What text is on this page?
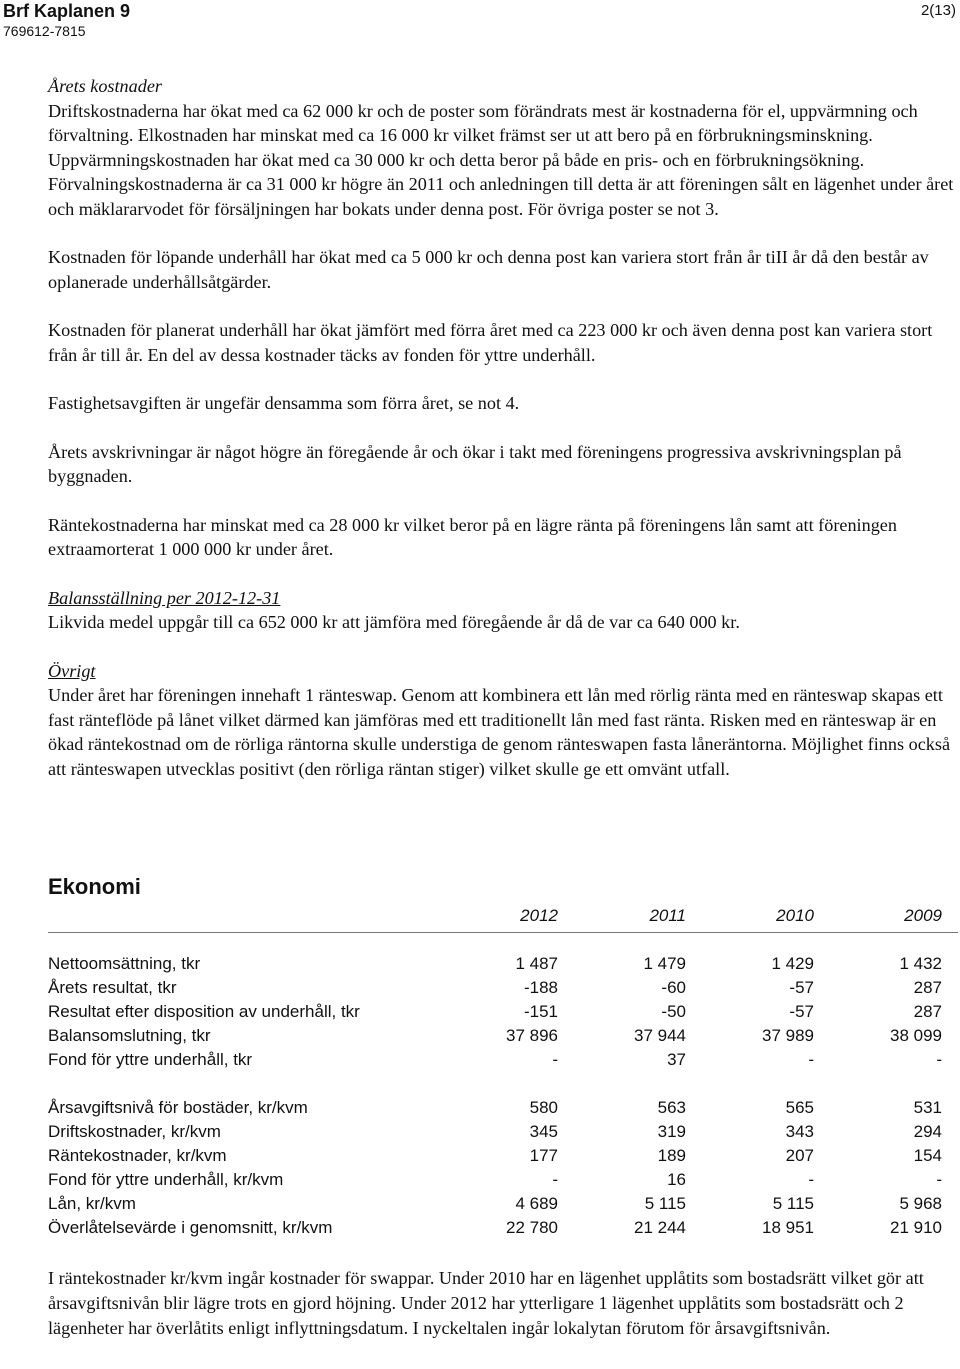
Brf Kaplanen 9
769612-7815
2(13)

Årets kostnader

Driftskostnaderna har ökat med ca 62 000 kr och de poster som förändrats mest är kostnaderna för el, uppvärmning och förvaltning. Elkostnaden har minskat med ca 16 000 kr vilket främst ser ut att bero på en förbrukningsminskning. Uppvärmningskostnaden har ökat med ca 30 000 kr och detta beror på både en pris- och en förbrukningsökning. Förvalningskostnaderna är ca 31 000 kr högre än 2011 och anledningen till detta är att föreningen sålt en lägenhet under året och mäklararvodet för försäljningen har bokats under denna post. För övriga poster se not 3.

Kostnaden för löpande underhåll har ökat med ca 5 000 kr och denna post kan variera stort från år tiII år då den består av oplanerade underhållsåtgärder.

Kostnaden för planerat underhåll har ökat jämfört med förra året med ca 223 000 kr och även denna post kan variera stort från år till år. En del av dessa kostnader täcks av fonden för yttre underhåll.

Fastighetsavgiften är ungefär densamma som förra året, se not 4.

Årets avskrivningar är något högre än föregående år och ökar i takt med föreningens progressiva avskrivningsplan på byggnaden.

Räntekostnaderna har minskat med ca 28 000 kr vilket beror på en lägre ränta på föreningens lån samt att föreningen extraamorterat 1 000 000 kr under året.

Balansställning per 2012-12-31

Likvida medel uppgår till ca 652 000 kr att jämföra med föregående år då de var ca 640 000 kr.

Övrigt

Under året har föreningen innehaft 1 ränteswap. Genom att kombinera ett lån med rörlig ränta med en ränteswap skapas ett fast ränteflöde på lånet vilket därmed kan jämföras med ett traditionellt lån med fast ränta. Risken med en ränteswap är en ökad räntekostnad om de rörliga räntorna skulle understiga de genom ränteswapen fasta låneräntorna. Möjlighet finns också att ränteswapen utvecklas positivt (den rörliga räntan stiger) vilket skulle ge ett omvänt utfall.

Ekonomi
2012	2011	2010	2009
Nettoomsättning, tkr	1 487	1 479	1 429	1 432
Årets resultat, tkr	-188	-60	-57	287
Resultat efter disposition av underhåll, tkr	-151	-50	-57	287
Balansomslutning, tkr	37 896	37 944	37 989	38 099
Fond för yttre underhåll, tkr	-	37	-	-
Årsavgiftsnivå för bostäder, kr/kvm	580	563	565	531
Driftskostnader, kr/kvm	345	319	343	294
Räntekostnader, kr/kvm	177	189	207	154
Fond för yttre underhåll, kr/kvm	-	16	-	-
Lån, kr/kvm	4 689	5 115	5 115	5 968
Överlåtelsevärde i genomsnitt, kr/kvm	22 780	21 244	18 951	21 910
I räntekostnader kr/kvm ingår kostnader för swappar. Under 2010 har en lägenhet upplåtits som bostadsrätt vilket gör att årsavgiftsnivån blir lägre trots en gjord höjning. Under 2012 har ytterligare 1 lägenhet upplåtits som bostadsrätt och 2 lägenheter har överlåtits enligt inflyttningsdatum. I nyckeltalen ingår lokalytan förutom för årsavgiftsnivån.
